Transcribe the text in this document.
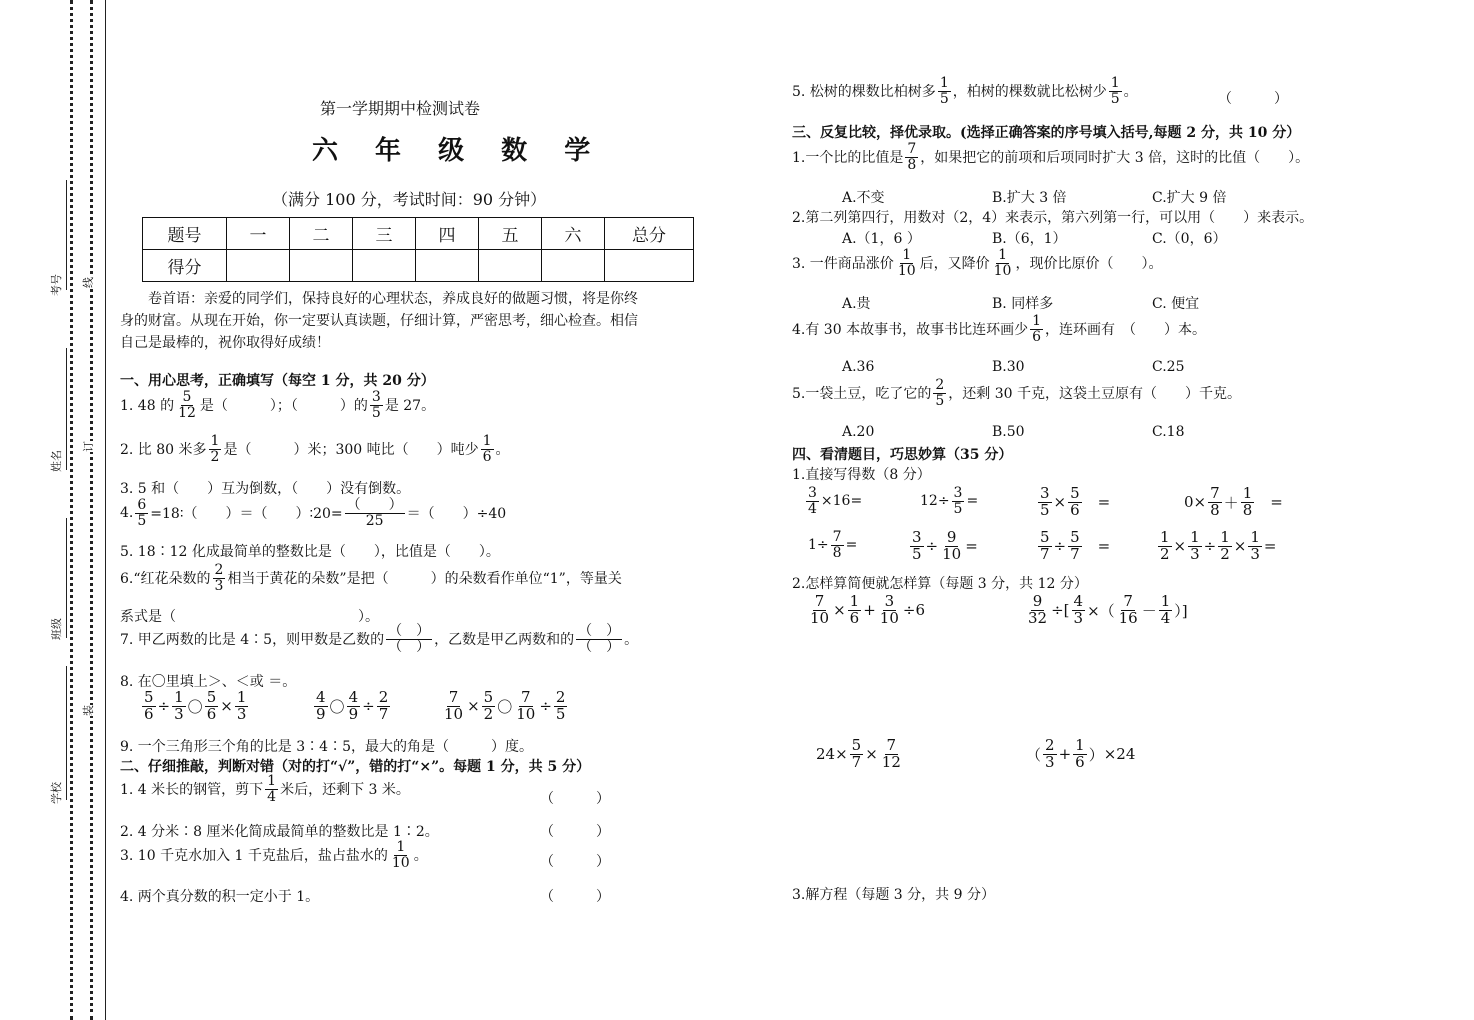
考号
姓名
班级
学校
线
订
装
第一学期期中检测试卷
六 年 级 数 学
（满分 100 分，考试时间：90 分钟）
题号	一	二	三	四	五	六	总分
得分							
卷首语：亲爱的同学们，保持良好的心理状态，养成良好的做题习惯，将是你终
身的财富。从现在开始，你一定要认真读题，仔细计算，严密思考，细心检查。相信
自己是最棒的，祝你取得好成绩！
一、用心思考，正确填写（每空 1 分，共 20 分）
1. 48 的 $\frac{5}{12}$ 是（　　　）；（　　　）的 $\frac{3}{5}$ 是 27。
2. 比 80 米多 $\frac{1}{2}$ 是（　　　）米；300 吨比（　　）吨少 $\frac{1}{6}$ 。
3. 5 和（　　）互为倒数，（　　）没有倒数。
4. $\frac{6}{5}$ =18∶（　　）＝（　　）∶20= $\frac{( )}{25}$ ＝（　　）÷40
5. 18∶12 化成最简单的整数比是（　　），比值是（　　）。
6.“红花朵数的 $\frac{2}{3}$ 相当于黄花的朵数”是把（　　　）的朵数看作单位“1”，等量关
系式是（　　　　　　　　　　　　　）。
7. 甲乙两数的比是 4∶5，则甲数是乙数的 $\frac{( )}{( )}$ ，乙数是甲乙两数和的 $\frac{( )}{( )}$ 。
8. 在〇里填上＞、＜或 ＝。
$\frac{5}{6} \div \frac{1}{3}$ 〇 $\frac{5}{6} \times \frac{1}{3}$	$\frac{4}{9}$ 〇 $\frac{4}{9} \div \frac{2}{7}$	$\frac{7}{10} \times \frac{5}{2}$ 〇 $\frac{7}{10} \div \frac{2}{5}$
9. 一个三角形三个角的比是 3∶4∶5，最大的角是（　　　）度。
二、仔细推敲，判断对错（对的打“√”，错的打“×”。每题 1 分，共 5 分）
1. 4 米长的钢管，剪下 $\frac{1}{4}$ 米后，还剩下 3 米。
（　　　）
2. 4 分米∶8 厘米化简成最简单的整数比是 1∶2。	（　　　）
3. 10 千克水加入 1 千克盐后，盐占盐水的 $\frac{1}{10}$ 。	（　　　）
4. 两个真分数的积一定小于 1。	（　　　）
5. 松树的棵数比柏树多 $\frac{1}{5}$ ，柏树的棵数就比松树少 $\frac{1}{5}$ 。	（　　　）
三、反复比较，择优录取。(选择正确答案的序号填入括号,每题 2 分，共 10 分）
1.一个比的比值是 $\frac{7}{8}$ ，如果把它的前项和后项同时扩大 3 倍，这时的比值（　　）。
A.不变	B.扩大 3 倍	C.扩大 9 倍
2.第二列第四行，用数对（2，4）来表示，第六列第一行，可以用（　　）来表示。
A.（1，6 ）	B.（6，1）	C.（0，6）
3. 一件商品涨价 $\frac{1}{10}$ 后，又降价 $\frac{1}{10}$ ，现价比原价（　　）。
A.贵	B. 同样多	C. 便宜
4.有 30 本故事书，故事书比连环画少 $\frac{1}{6}$ ，连环画有　（　　）本。
A.36	B.30	C.25
5.一袋土豆，吃了它的 $\frac{2}{5}$ ，还剩 30 千克，这袋土豆原有（　　）千克。
A.20	B.50	C.18
四、看清题目，巧思妙算（35 分）
1.直接写得数（8 分）
$\frac{3}{4} \times 16=$	$12\div \frac{3}{5}$ =	$\frac{3}{5} \times \frac{5}{6}$ =	$0\times \frac{7}{8} + \frac{1}{8}$ =
$1\div \frac{7}{8}$ =	$\frac{3}{5} \div \frac{9}{10}$ =	$\frac{5}{7} \div \frac{5}{7}$ =	$\frac{1}{2} \times \frac{1}{3} \div \frac{1}{2} \times \frac{1}{3}$ =
2.怎样算简便就怎样算（每题 3 分，共 12 分）
$\frac{7}{10} \times \frac{1}{6} + \frac{3}{10} \div 6$	$\frac{9}{32}$ ÷[ $\frac{4}{3}$ ×（ $\frac{7}{16} - \frac{1}{4}$ ）]
$24\times \frac{5}{7} \times \frac{7}{12}$	（ $\frac{2}{3} + \frac{1}{6}$ ） ×24
3.解方程（每题 3 分，共 9 分）
